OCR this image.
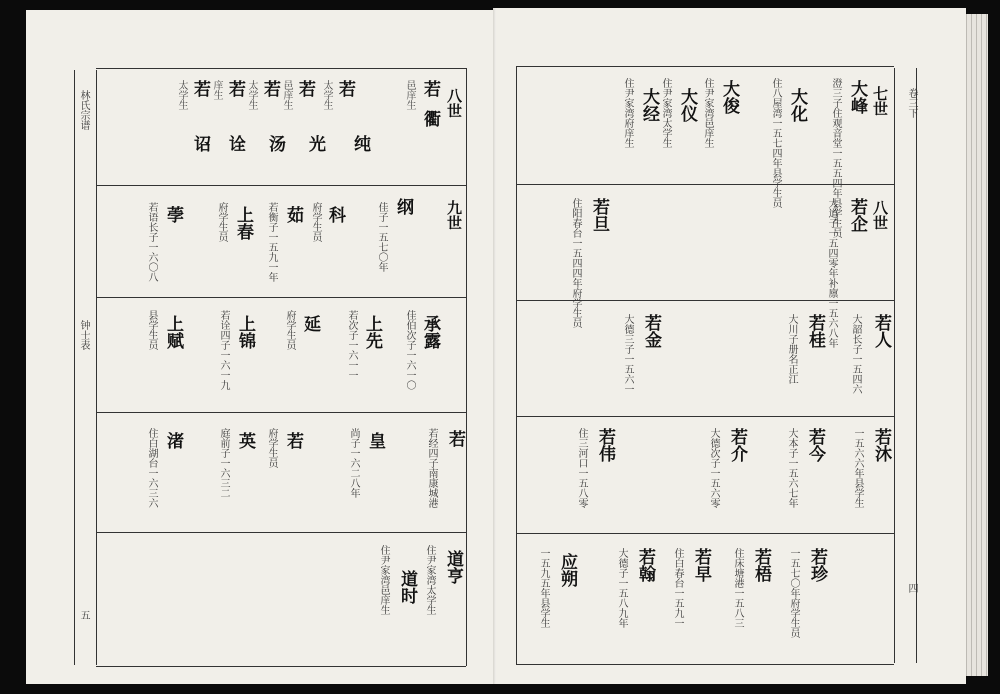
林氏宗谱
钟士表
五
八世
九世
若
邑庠生
衢
若
太学生
纯
若
邑庠生
光
若
太学生
汤
若
庠生
诠
若
太学生
诏
纲
佳子一五七〇年
科
府学生员
茹
若衡子一五九一年
上春
府学生员
荸
若语长子一六〇八
承露
佳伯次子一六一〇
上先
若次子一六一一
延
府学生员
上锦
若诠四子一六一九
上赋
县学生员
若
若经四子南康城港
皇
尚子一六二八年
若
府学生员
英
庭前子一六三二
渚
住白湖台一六三六
道亨
住尹家湾太学生
道时
住尹家湾邑庠生
卷三下
四
七世
八世
大峰
澄三子住观音堂一五五四年县学生员
大化
住八屋湾一五七四年县学生员
大俊
住尹家湾邑庠生
大仪
住尹家湾太学生
大经
住尹家湾府庠生
若企
大道子一五四零年补廪一五六八年
若旦
住阳春台一五四四年府学生员
若人
大韶长子一五四六
若桂
大川子册名正江
若金
大德三子一五六一
若沐
一五六六年县学生
若今
大本子一五六七年
若介
大德次子一五六零
若伟
住三河口一五八零
若珍
一五七〇年府学生员
若梧
住床塘港一五八三
若早
住白春台一五九一
若翰
大德子一五八九年
应朔
一五九五年县学生
